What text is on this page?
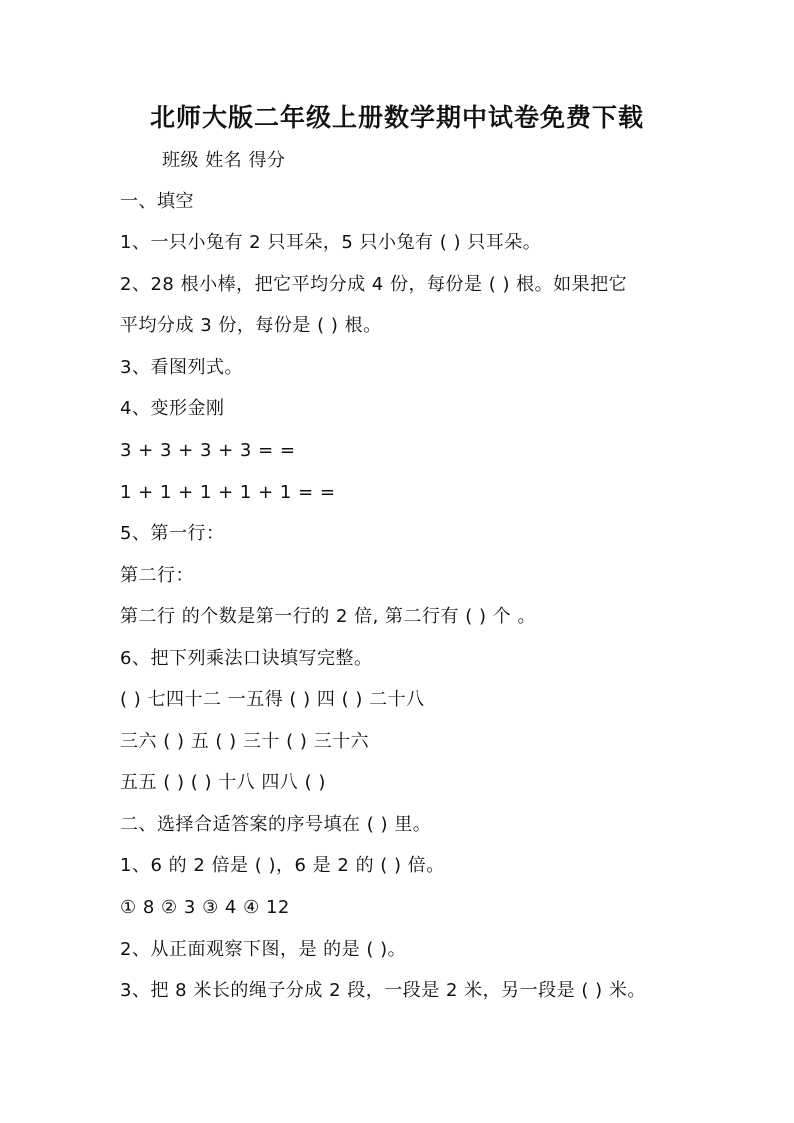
北师大版二年级上册数学期中试卷免费下载
班级 姓名 得分
一、填空
1、一只小兔有 2 只耳朵，5 只小兔有 ( ) 只耳朵。
2、28 根小棒，把它平均分成 4 份，每份是 ( ) 根。如果把它
平均分成 3 份，每份是 ( ) 根。
3、看图列式。
4、变形金刚
3 + 3 + 3 + 3 = =
1 + 1 + 1 + 1 + 1 = =
5、第一行：
第二行：
第二行 的个数是第一行的 2 倍, 第二行有 ( ) 个 。
6、把下列乘法口诀填写完整。
( ) 七四十二 一五得 ( ) 四 ( ) 二十八
三六 ( ) 五 ( ) 三十 ( ) 三十六
五五 ( ) ( ) 十八 四八 ( )
二、选择合适答案的序号填在 ( ) 里。
1、6 的 2 倍是 ( )，6 是 2 的 ( ) 倍。
① 8 ② 3 ③ 4 ④ 12
2、从正面观察下图，是 的是 ( )。
3、把 8 米长的绳子分成 2 段，一段是 2 米，另一段是 ( ) 米。
